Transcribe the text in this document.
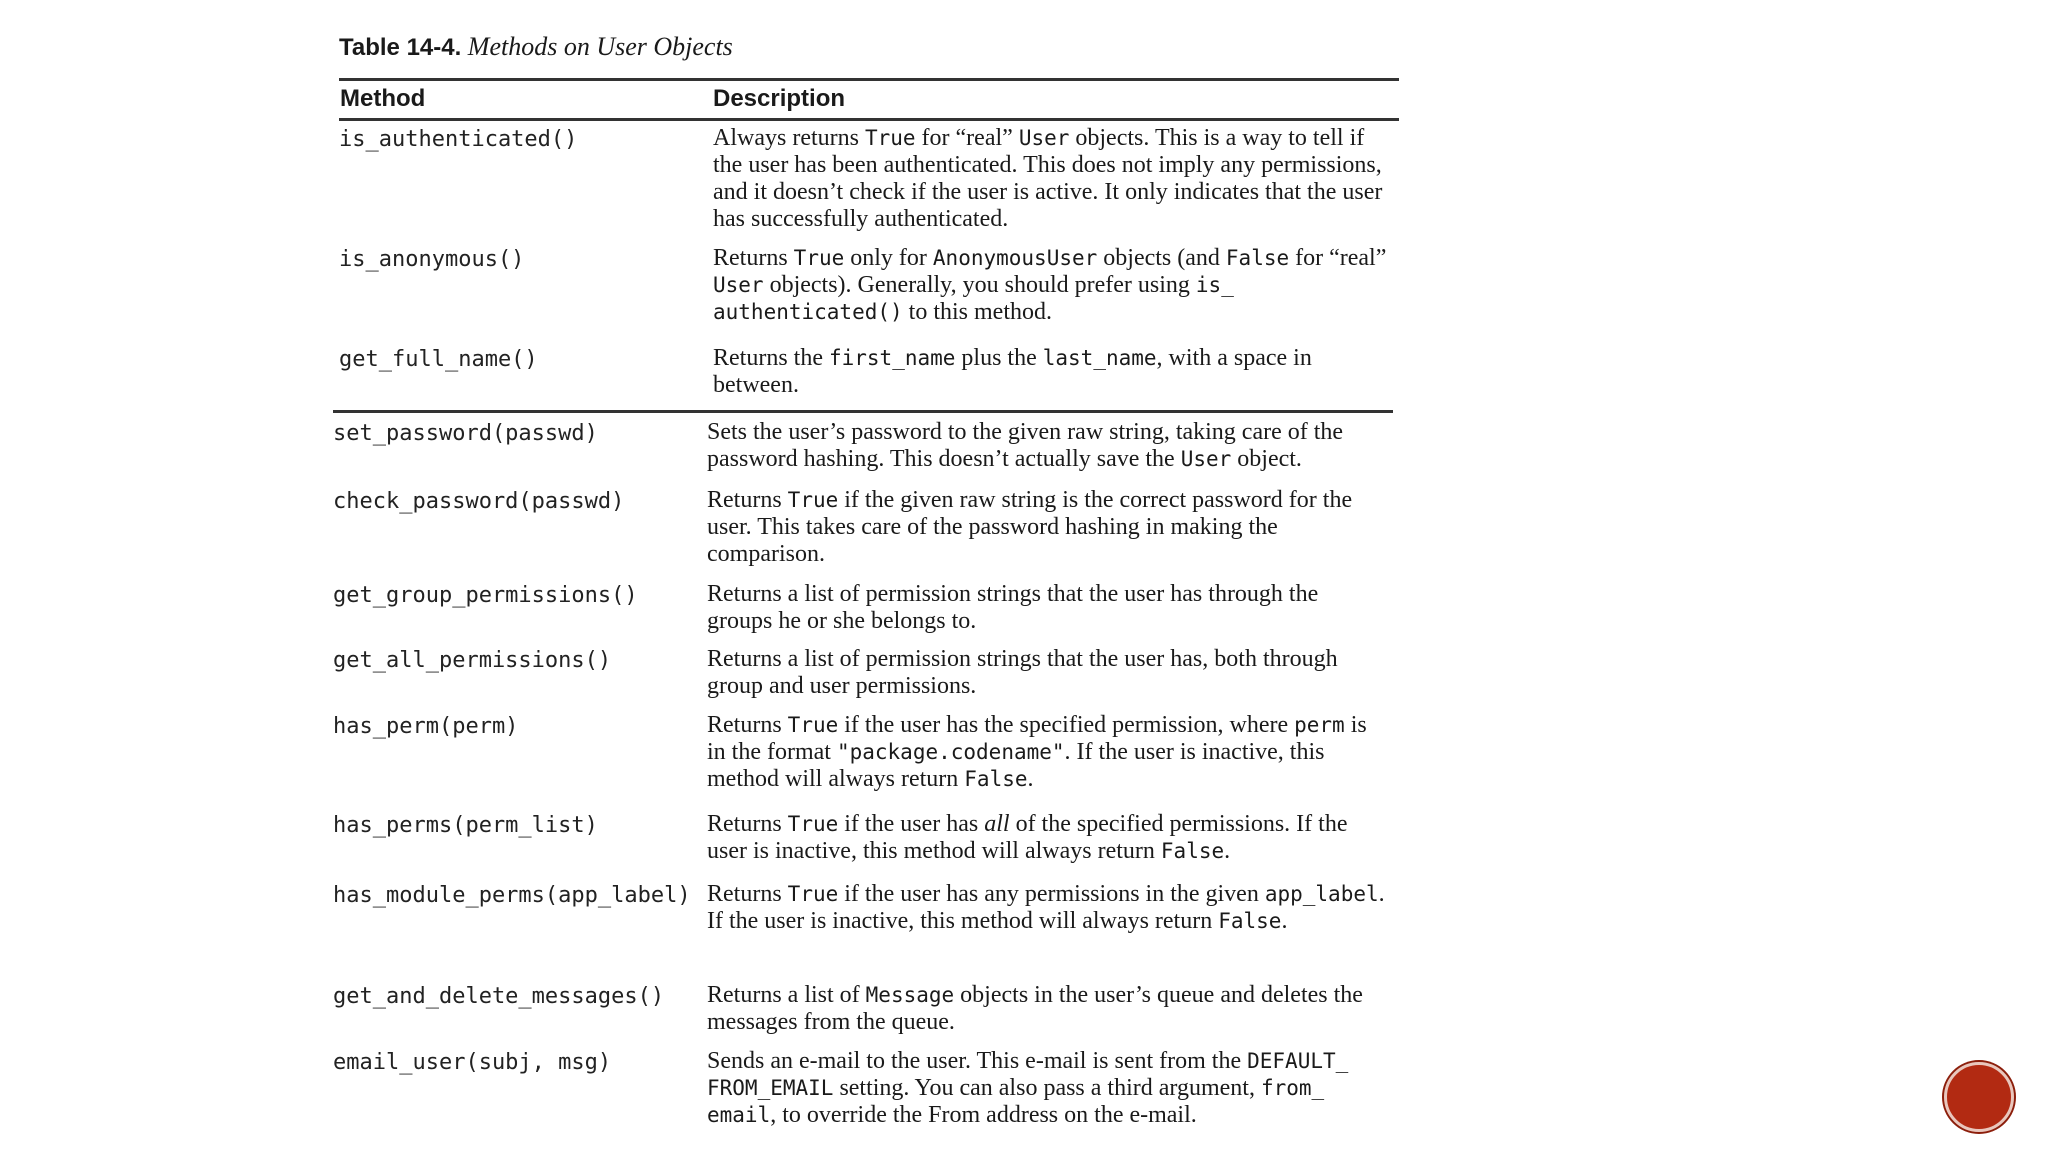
Table 14-4. Methods on User Objects
Method	Description
is_authenticated()	Always returns True for “real” User objects. This is a way to tell if the user has been authenticated. This does not imply any permissions, and it doesn’t check if the user is active. It only indicates that the user has successfully authenticated.
is_anonymous()	Returns True only for AnonymousUser objects (and False for “real” User objects). Generally, you should prefer using is_ authenticated() to this method.
get_full_name()	Returns the first_name plus the last_name, with a space in between.
set_password(passwd)	Sets the user’s password to the given raw string, taking care of the password hashing. This doesn’t actually save the User object.
check_password(passwd)	Returns True if the given raw string is the correct password for the user. This takes care of the password hashing in making the comparison.
get_group_permissions()	Returns a list of permission strings that the user has through the groups he or she belongs to.
get_all_permissions()	Returns a list of permission strings that the user has, both through group and user permissions.
has_perm(perm)	Returns True if the user has the specified permission, where perm is in the format "package.codename". If the user is inactive, this method will always return False.
has_perms(perm_list)	Returns True if the user has all of the specified permissions. If the user is inactive, this method will always return False.
has_module_perms(app_label) Returns True if the user has any permissions in the given app_label. If the user is inactive, this method will always return False.
get_and_delete_messages() Returns a list of Message objects in the user’s queue and deletes the messages from the queue.
email_user(subj, msg)	Sends an e-mail to the user. This e-mail is sent from the DEFAULT_ FROM_EMAIL setting. You can also pass a third argument, from_ email, to override the From address on the e-mail.
